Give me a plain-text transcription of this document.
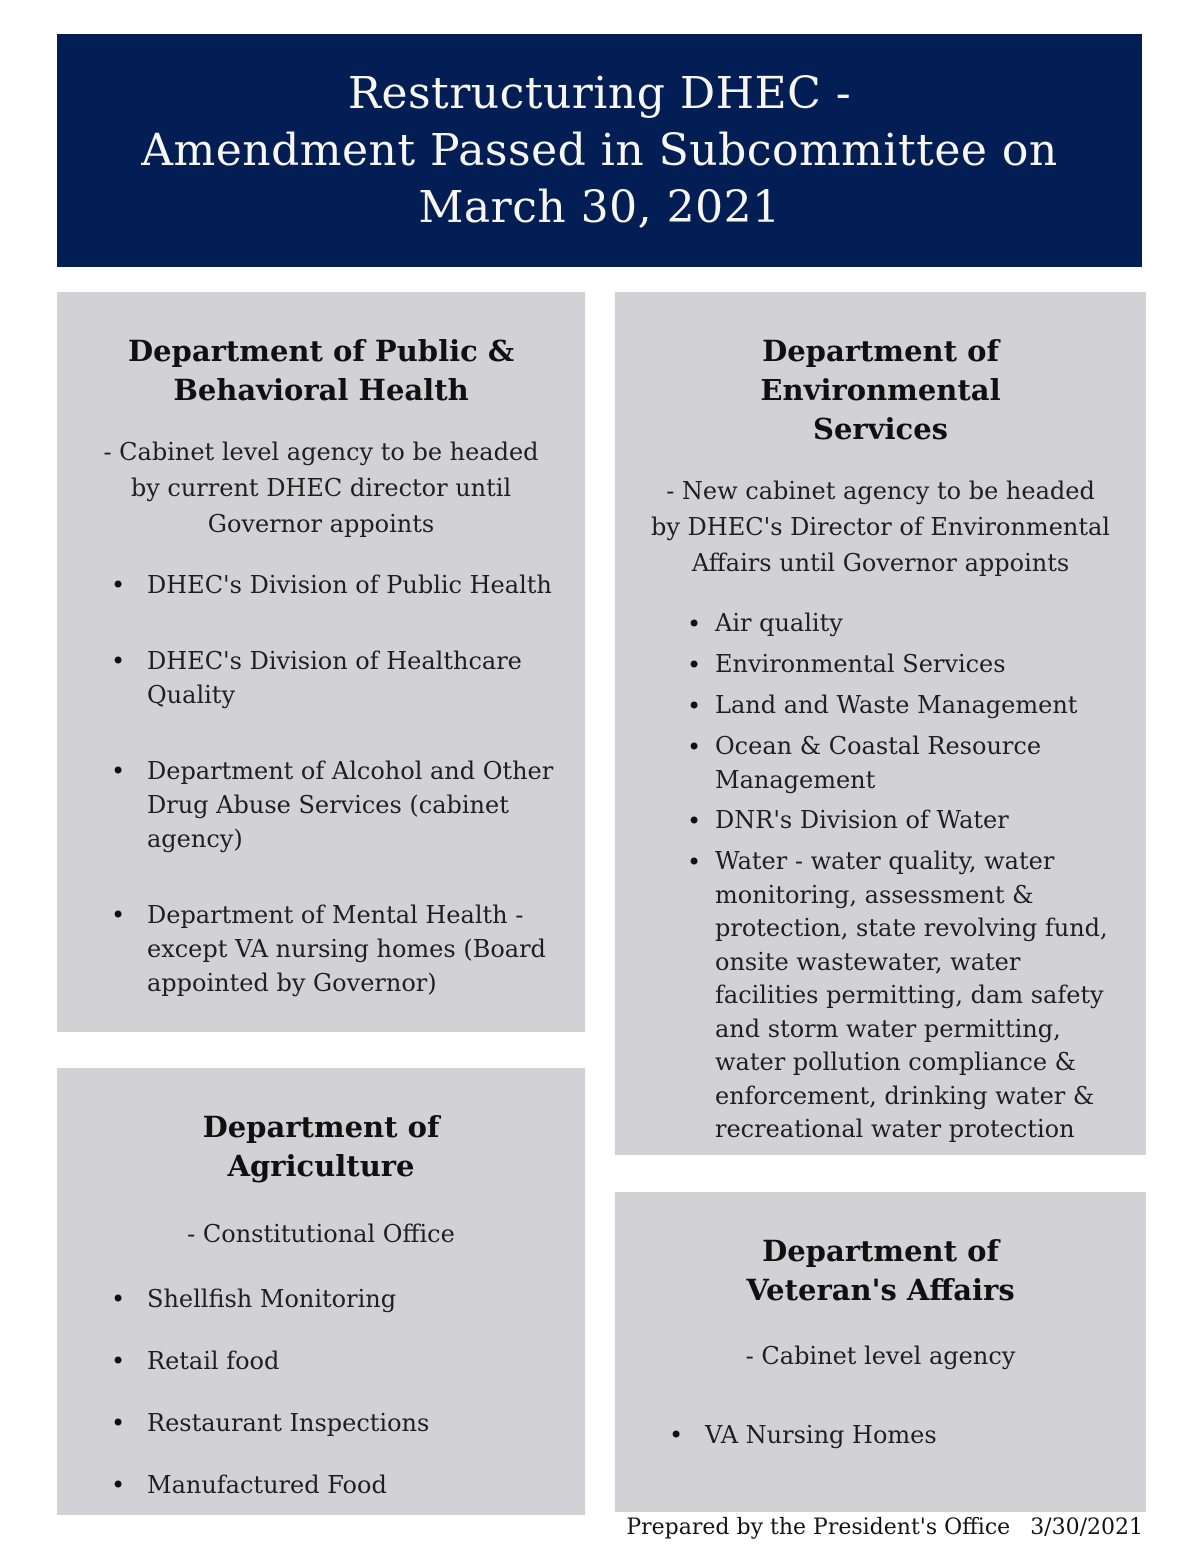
Restructuring DHEC -
Amendment Passed in Subcommittee on
March 30, 2021
Department of Public &
Behavioral Health

- Cabinet level agency to be headed by current DHEC director until Governor appoints

• DHEC's Division of Public Health
• DHEC's Division of Healthcare Quality
• Department of Alcohol and Other Drug Abuse Services (cabinet agency)
• Department of Mental Health - except VA nursing homes (Board appointed by Governor)
Department of Environmental
Services

- New cabinet agency to be headed by DHEC's Director of Environmental Affairs until Governor appoints

• Air quality
• Environmental Services
• Land and Waste Management
• Ocean & Coastal Resource Management
• DNR's Division of Water
• Water - water quality, water monitoring, assessment & protection, state revolving fund, onsite wastewater, water facilities permitting, dam safety and storm water permitting, water pollution compliance & enforcement, drinking water & recreational water protection
Department of
Agriculture

- Constitutional Office

• Shellfish Monitoring
• Retail food
• Restaurant Inspections
• Manufactured Food
Department of
Veteran's Affairs

- Cabinet level agency

• VA Nursing Homes
Prepared by the President's Office 3/30/2021
